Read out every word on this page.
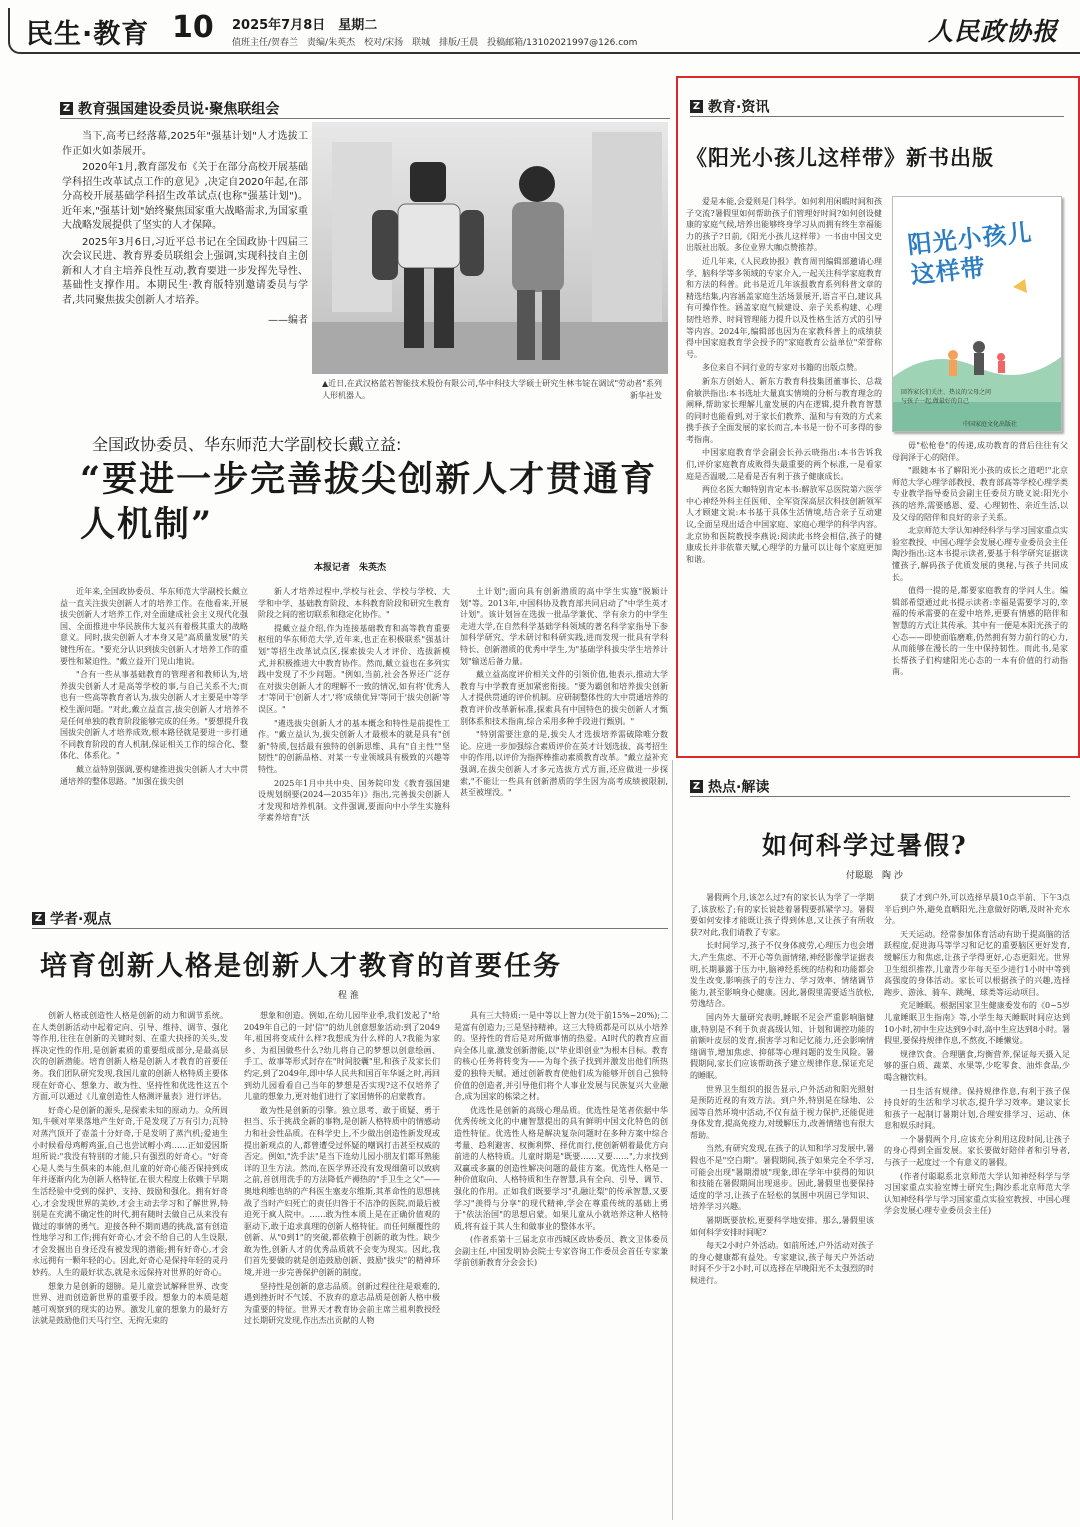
民生·教育 10 2025年7月8日　星期二
值班主任/贺春兰　责编/朱英杰　校对/宋扬　联城　排版/王晨　投稿邮箱/13102021997@126.com	人民政协报
Z 教育强国建设委员说·聚焦联组会

当下,高考已经落幕,2025年"强基计划"人才选拔工作正如火如荼展开。

2020年1月,教育部发布《关于在部分高校开展基础学科招生改革试点工作的意见》,决定自2020年起,在部分高校开展基础学科招生改革试点(也称"强基计划")。近年来,"强基计划"始终聚焦国家重大战略需求,为国家重大战略发展提供了坚实的人才保障。

2025年3月6日,习近平总书记在全国政协十四届三次会议民进、教育界委员联组会上强调,实现科技自主创新和人才自主培养良性互动,教育要进一步发挥先导性、基础性支撑作用。本期民生·教育版特别邀请委员与学者,共同聚焦拔尖创新人才培养。

——编者
▲近日,在武汉格蓝若智能技术股份有限公司,华中科技大学硕士研究生林韦锭在调试"劳动者"系列人形机器人。	新华社发
全国政协委员、华东师范大学副校长戴立益:
“要进一步完善拔尖创新人才贯通育人机制”
本报记者　朱英杰

近年来,全国政协委员、华东师范大学副校长戴立益一直关注拔尖创新人才的培养工作。在他看来,开展拔尖创新人才培养工作,对全面建成社会主义现代化强国、全面推进中华民族伟大复兴有着极其重大的战略意义。同时,拔尖创新人才本身又是"高质量发展"的关键性所在。"要充分认识到拔尖创新人才培养工作的重要性和紧迫性。"戴立益开门见山地说。

"合有一些从事基础教育的管理者和教师认为,培养拔尖创新人才是高等学校的事,与自己关系不大;而也有一些高等教育者认为,拔尖创新人才主要是中等学校生源问题。"对此,戴立益直言,拔尖创新人才培养不是任何单独的教育阶段能够完成的任务。"要想提升我国拔尖创新人才培养成效,根本路径就是要进一步打通不同教育阶段的育人机制,保证相关工作的综合化、整体化、体系化。"

戴立益特别强调,要构建推进拔尖创新人才大中贯通培养的整体思路。"加强在拔尖创

新人才培养过程中,学校与社会、学校与学校、大学和中学、基础教育阶段、本科教育阶段和研究生教育阶段之间的密切联系和稳定化协作。"

提戴立益介绍,作为连接基础教育和高等教育重要枢纽的华东师范大学,近年来,也正在积极联系"强基计划"等招生改革试点区,探索拔尖人才评价、选拔新模式,并积极推进大中教育协作。然而,戴立益也在多列实践中发现了不少问题。"例如,当前,社会各界还广泛存在对拔尖创新人才的理解不一致的情况,如有将'优秀人才'等同于'创新人才','将'成绩优异'等同于'拔尖创新'等误区。"

"遴选拔尖创新人才的基本概念和特性是前提性工作。"戴立益认为,拔尖创新人才最根本的就是具有"创新"特质,包括最有独特的创新思维、具有"自主性""坚韧性"的创新品格、对某一专业领域具有极致的兴趣等特性。

2025年1月中共中央、国务院印发《教育强国建设规划纲要(2024—2035年)》指出,完善拔尖创新人才发现和培养机制。文件强调,要面向中小学生实施科学素养培育"沃

土计划";面向具有创新潜质的高中学生实施"脱颖计划"等。2013年,中国科协及教育部共同启动了"中学生英才计划"。该计划旨在选拔一批品学兼优、学有余力的中学生走进大学,在自然科学基础学科领域的著名科学家指导下参加科学研究、学术研讨和科研实践,进而发现一批具有学科特长、创新潜质的优秀中学生,为"基础学科拔尖学生培养计划"输送后备力量。

戴立益高度评价相关文件的引领价值,他表示,推动大学教育与中学教育更加紧密衔接。"要为霸创和培养拔尖创新人才提供贯通的评价机制。应研制整体性的大中贯通培养的教育评价改革新标准,探索具有中国特色的拔尖创新人才甄别体系和技术指南,综合采用多种手段进行甄别。"

"特别需要注意的是,拔尖人才选拔培养需破除唯分数论。应进一步加强综合素质评价在英才计划选拔、高考招生中的作用,以评价为指挥棒推动素质教育改革。"戴立益补充强调,在拔尖创新人才多元选拔方式方面,还应做进一步探索,"不能让一些具有创新潜质的学生因为高考成绩被限制,甚至被埋没。"

Z 学者·观点
培育创新人格是创新人才教育的首要任务
程 淮

创新人格或创造性人格是创新的动力和调节系统。在人类创新活动中起着定向、引导、维持、调节、强化等作用,往往在创新的关键时刻、在重大抉择的关头,发挥决定性的作用,是创新素质的重要组成部分,是最高层次的创新潜能。培育创新人格是创新人才教育的首要任务。我们团队研究发现,我国儿童的创新人格特质主要体现在好奇心、想象力、敢为性、坚持性和优选性这五个方面,可以通过《儿童创造性人格测评量表》进行评估。

好奇心是创新的源头,是探索未知的原动力。众所周知,牛顿对苹果落地产生好奇,于是发现了万有引力;瓦特对蒸汽顶开了壶盖十分好奇,于是发明了蒸汽机;爱迪生小时候看母鸡孵鸡蛋,自己也尝试孵小鸡……正如爱因斯坦所说:"我没有特别的才能,只有强烈的好奇心。"好奇心是人类与生俱来的本能,但儿童的好奇心能否保持到成年并逐渐内化为创新人格特征,在很大程度上依赖于早期生活经验中受到的保护、支持、鼓励和强化。拥有好奇心,才会发现世界的美妙,才会主动去学习和了解世界,特别是在充满不确定性的时代,拥有随时去做自己从来没有做过的事情的勇气。迎接各种不期而遇的挑战,富有创造性地学习和工作;拥有好奇心,才会不给自己的人生设限,才会发掘出自身还没有被发现的潜能;拥有好奇心,才会永远拥有一颗年轻的心。因此,好奇心是保持年轻的灵丹妙药。人生的最好状态,就是永远保持对世界的好奇心。

想象力是创新的翅膀。是儿童尝试解释世界、改变世界、进而创造新世界的重要手段。想象力的本质是超越可观察到的现实的边界。激发儿童的想象力的最好方法就是鼓励他们天马行空、无拘无束的

想象和创造。例如,在幼儿园毕业季,我们发起了"给2049年自己的一封'信'"的幼儿创意想象活动:到了2049年,祖国将变成什么样?我想成为什么样的人?我能为家乡、为祖国做些什么?幼儿将自己的梦想以创意绘画、手工、故事等形式封存在"时间胶囊"里,和孩子及家长们约定,到了2049年,即中华人民共和国百年华诞之时,再回到幼儿园看看自己当年的梦想是否实现?这不仅培养了儿童的想象力,更对他们进行了家国情怀的启蒙教育。

敢为性是创新的引擎。独立思考、敢于质疑、勇于担当、乐于挑战全新的事物,是创新人格特质中的情感动力和社会性品质。在科学史上,不少做出创造性新发现或提出新观点的人,都曾遭受过怀疑的嘲讽打击甚至权威的否定。例如,"洗手法"是当下连幼儿园小朋友们都耳熟能详的卫生方法。然而,在医学界还没有发现细菌可以致病之前,首创用洗手的方法降低产褥热的"手卫生之父"——奥地利维也纳的产科医生塞麦尔维斯,其革命性的思想挑战了当时产妇死亡的责任归咎于不洁净的医院,而最后被迫死于疯人院中。……敢为性本质上是在正确价值观的驱动下,敢于追求真理的创新人格特征。而任何颠覆性的创新、从"0到1"的突破,都依赖于创新的敢为性。缺少敢为性,创新人才的优秀品质就不会变为现实。因此,我们首先要做的就是创造鼓励创新、鼓励"拔尖"的精神环境,并进一步完善保护创新的制度。

坚持性是创新的意志品质。创新过程往往是艰难的,遇到挫折时不气馁、不放弃的意志品质是创新人格中极为重要的特征。世界天才教育协会前主席兰祖利教授经过长期研究发现,作出杰出贡献的人物

具有三大特质:一是中等以上智力(处于前15%~20%);二是富有创造力;三是坚持精神。这三大特质都是可以从小培养的。坚持性的背后是对所做事情的热爱。AI时代的教育应面向全体儿童,激发创新潜能,以"毕业即创业"为根本目标。教育的核心任务将转变为——为每个孩子找到并激发出他们所热爱的独特天赋。通过创新教育使他们成为能够开创自己独特价值的创造者,并引导他们将个人事业发展与民族复兴大业融合,成为国家的栋梁之材。

优选性是创新的高级心理品质。优选性是笔者依据中华优秀传统文化的中庸智慧提出的具有鲜明中国文化特色的创造性特征。优选性人格是解决复杂问题时在多种方案中综合考量、趋利避害、权衡利弊、择优而行,使创新朝着最优方向前进的人格特质。儿童时期是"既要……又要……",力求找到双赢或多赢的创造性解决问题的最佳方案。优选性人格是一种价值取向、人格特质和生存智慧,具有全向、引导、调节、强化的作用。正如我们既要学习"孔融让梨"的传承智慧,又要学习"羡得与分享"的现代精神,学会在尊重传统的基础上勇于"依法治国"的思想启蒙。如果儿童从小就培养这种人格特质,将有益于其人生和做事业的整体水平。

(作者系第十三届北京市西城区政协委员、教文卫体委员会副主任,中国发明协会院士专家咨询工作委员会首任专家兼学前创新教育分会会长)

Z 教育·资讯
《阳光小孩儿这样带》新书出版
阳光小孩儿这样带
回答家长们关注、热议的父母之问
与孩子一起,做最好的自己
中国家庭文化出版社

爱是本能,会爱则是门科学。如何利用闲暇时间和孩子交流?暑假里如何帮助孩子们管理好时间?如何创设健康的家庭气候,培养出能够终身学习从而拥有终生幸福能力的孩子?日前,《阳光小孩儿这样带》一书由中国文史出版社出版。多位业界大咖点赞推荐。

近几年来,《人民政协报》教育周刊编辑部邀请心理学、脑科学等多领域的专家介入,一起关注科学家庭教育和方法的科普。此书是近几年该报教育系列科普文章的精选结集,内容涵盖家庭生活场景展开,语言平白,建议具有可操作性。涵盖家庭气候建设、亲子关系构建、心理韧性培养、时间管理能力提升以及性格生活方式的引导等内容。2024年,编辑部也因为在家教科普上的成绩获得中国家庭教育学会授予的"家庭教育公益单位"荣誉称号。

多位来自不同行业的专家对书籍的出版点赞。

新东方创始人、新东方教育科技集团董事长、总裁俞敏洪指出:本书选址大量真实情境的分析与教育理念的阐释,帮助家长理解儿童发展的内在逻辑,提升教育智慧的同时也能看到,对于家长们教养、温和与有效的方式来携手孩子全面发展的家长而言,本书是一份不可多得的参考指南。

中国家庭教育学会副会长孙云晓指出:本书告诉我们,评价家庭教育成败得失最重要的两个标准,一是看家庭是否温暖,二是看是否有利于孩子健康成长。

两位名医大咖特别肯定本书:解放军总医院第六医学中心神经外科主任医师、全军资深高层次科技创新领军人才顾建文说:本书基于具体生活情境,结合亲子互动建议,全面呈现出适合中国家庭、家庭心理学的科学内容。北京协和医院教授李燕说:阅读此书终会相信,孩子的健康成长并非依靠天赋,心理学的力量可以让每个家庭更加和谐。

毋"松枪卷"的传递,成功教育的背后往往有父母润泽于心的陪伴。

"跟随本书了解阳光小孩的成长之道吧!"北京师范大学心理学部教授、教育部高等学校心理学类专业教学指导委员会副主任委员方晓义说:阳光小孩的培养,需要感恩、爱、心理韧性、亲近生活,以及父母的陪伴和良好的亲子关系。

北京师范大学认知神经科学与学习国家重点实验室教授、中国心理学会发展心理专业委员会主任陶沙指出:这本书提示读者,要基于科学研究证据读懂孩子,解码孩子优质发展的奥秘,与孩子共同成长。

值得一提的是,都要家庭教育的学问人生。编辑部希望通过此书提示读者:幸福是需要学习的,幸福的传承需要的在爱中培养,更要有情感的陪伴和智慧的方式让其传承。其中有一便是本阳光孩子的心态——即使面临磨难,仍然拥有努力前行的心力,从而能够在漫长的一生中保持韧性。而此书,是家长帮孩子们构建阳光心态的一本有价值的行动指南。

Z 热点·解读
如何科学过暑假?
付聪聪　陶 沙

暑假两个月,该怎么过?有的家长认为学了一学期了,该放松了;有的家长说趁着暑假要抓紧学习。暑假要如何安排才能既让孩子得到休息,又让孩子有所收获?对此,我们请教了专家。

长时间学习,孩子不仅身体疲劳,心理压力也会增大,产生焦虑、不开心等负面情绪,神经影像学证据表明,长期暴露于压力中,脑神经系统的结构和功能都会发生改变,影响孩子的专注力、学习效率、情绪调节能力,甚至影响身心健康。因此,暑假里需要适当放松,劳逸结合。

国内外大量研究表明,睡眠不足会严重影响脑健康,特别是不利于负责高级认知、计划和调控功能的前额叶皮层的发育,损害学习和记忆能力,还会影响情绪调节,增加焦虑、抑郁等心理问题的发生风险。暑假期间,家长们应该帮助孩子建立规律作息,保证充足的睡眠。

世界卫生组织的报告显示,户外活动和阳光照射是预防近视的有效方法。到户外,特别是在绿地、公园等自然环境中活动,不仅有益于视力保护,还能促进身体发育,提高免疫力,对缓解压力,改善情绪也有很大帮助。

当然,有研究发现,在孩子的认知和学习发展中,暑假也不是"空白期"。暑假期间,孩子如果完全不学习,可能会出现"暑期滑坡"现象,即在学年中获得的知识和技能在暑假期间出现退步。因此,暑假里也要保持适度的学习,让孩子在轻松的氛围中巩固已学知识、培养学习兴趣。

暑期既要放松,更要科学地安排。那么,暑假里该如何科学安排时间呢?

每天2小时户外活动。如前所述,户外活动对孩子的身心健康都有益处。专家建议,孩子每天户外活动时间不少于2小时,可以选择在早晚阳光不太强烈的时候进行。

获了才到户外,可以选择早晨10点半前、下午3点半后到户外,避免直晒阳光,注意做好防晒,及时补充水分。

天天运动。经常参加体育活动有助于提高脑的活跃程度,促进海马等学习和记忆的重要脑区更好发育,缓解压力和焦虑,让孩子学得更好,心态更阳光。世界卫生组织推荐,儿童青少年每天至少进行1小时中等到高强度的身体活动。家长可以根据孩子的兴趣,选择跑步、游泳、骑车、跳绳、球类等运动项目。

充足睡眠。根据国家卫生健康委发布的《0~5岁儿童睡眠卫生指南》等,小学生每天睡眠时间应达到10小时,初中生应达到9小时,高中生应达到8小时。暑假里,要保持规律作息,不熬夜,不睡懒觉。

规律饮食。合理膳食,均衡营养,保证每天摄入足够的蛋白质、蔬菜、水果等,少吃零食、油炸食品,少喝含糖饮料。

一日生活有规律。保持规律作息,有利于孩子保持良好的生活和学习状态,提升学习效率。建议家长和孩子一起制订暑期计划,合理安排学习、运动、休息和娱乐时间。

一个暑假两个月,应该充分利用这段时间,让孩子的身心得到全面发展。家长要做好陪伴者和引导者,与孩子一起度过一个有意义的暑假。

(作者付聪聪系北京师范大学认知神经科学与学习国家重点实验室博士研究生;陶沙系北京师范大学认知神经科学与学习国家重点实验室教授、中国心理学会发展心理专业委员会主任)
